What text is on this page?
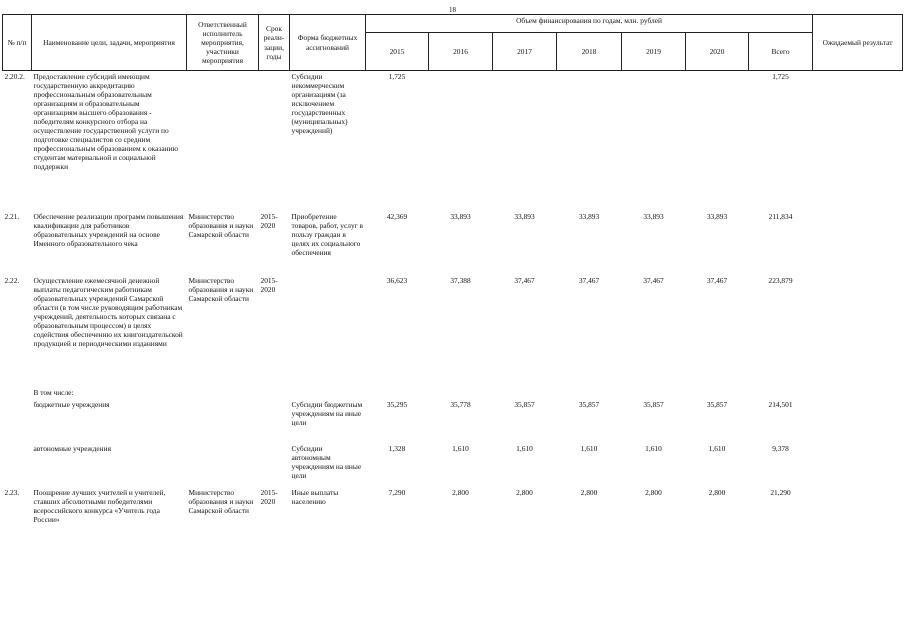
18
№ п/п	Наименование цели, задачи, мероприятия	Ответственный исполнитель мероприятия, участники мероприятия	Срок реали-зации, годы	Форма бюджетных ассигнований	Объем финансирования по годам, млн. рублей							Ожидаемый результат
					2015	2016	2017	2018	2019	2020	Всего	
2.20.2.	Предоставление субсидий имеющим государственную аккредитацию профессиональным образовательным организациям и образовательным организациям высшего образования - победителям конкурсного отбора на осуществление государственной услуги по подготовке специалистов со средним профессиональным образованием к оказанию студентам материальной и социальной поддержки			Субсидии некоммерческим организациям (за исключением государственных (муниципальных) учреждений)	1,725						1,725	
2.21.	Обеспечение реализации программ повышения квалификации для работников образовательных учреждений на основе Именного образовательного чека	Министерство образования и науки Самарской области	2015-2020	Приобретение товаров, работ, услуг в пользу граждан в целях их социального обеспечения	42,369	33,893	33,893	33,893	33,893	33,893	211,834	
2.22.	Осуществление ежемесячной денежной выплаты педагогическим работникам образовательных учреждений Самарской области (в том числе руководящим работникам учреждений, деятельность которых связана с образовательным процессом) в целях содействия обеспечению их книгоиздательской продукцией и периодическими изданиями	Министерство образования и науки Самарской области	2015-2020		36,623	37,388	37,467	37,467	37,467	37,467	223,879	
	В том числе:											
	бюджетные учреждения			Субсидии бюджетным учреждениям на иные цели	35,295	35,778	35,857	35,857	35,857	35,857	214,501	
	автономные учреждения			Субсидии автономным учреждениям на иные цели	1,328	1,610	1,610	1,610	1,610	1,610	9,378	
2.23.	Поощрение лучших учителей и учителей, ставших абсолютными победителями всероссийского конкурса «Учитель года России»	Министерство образования и науки Самарской области	2015-2020	Иные выплаты населению	7,290	2,800	2,800	2,800	2,800	2,800	21,290	
